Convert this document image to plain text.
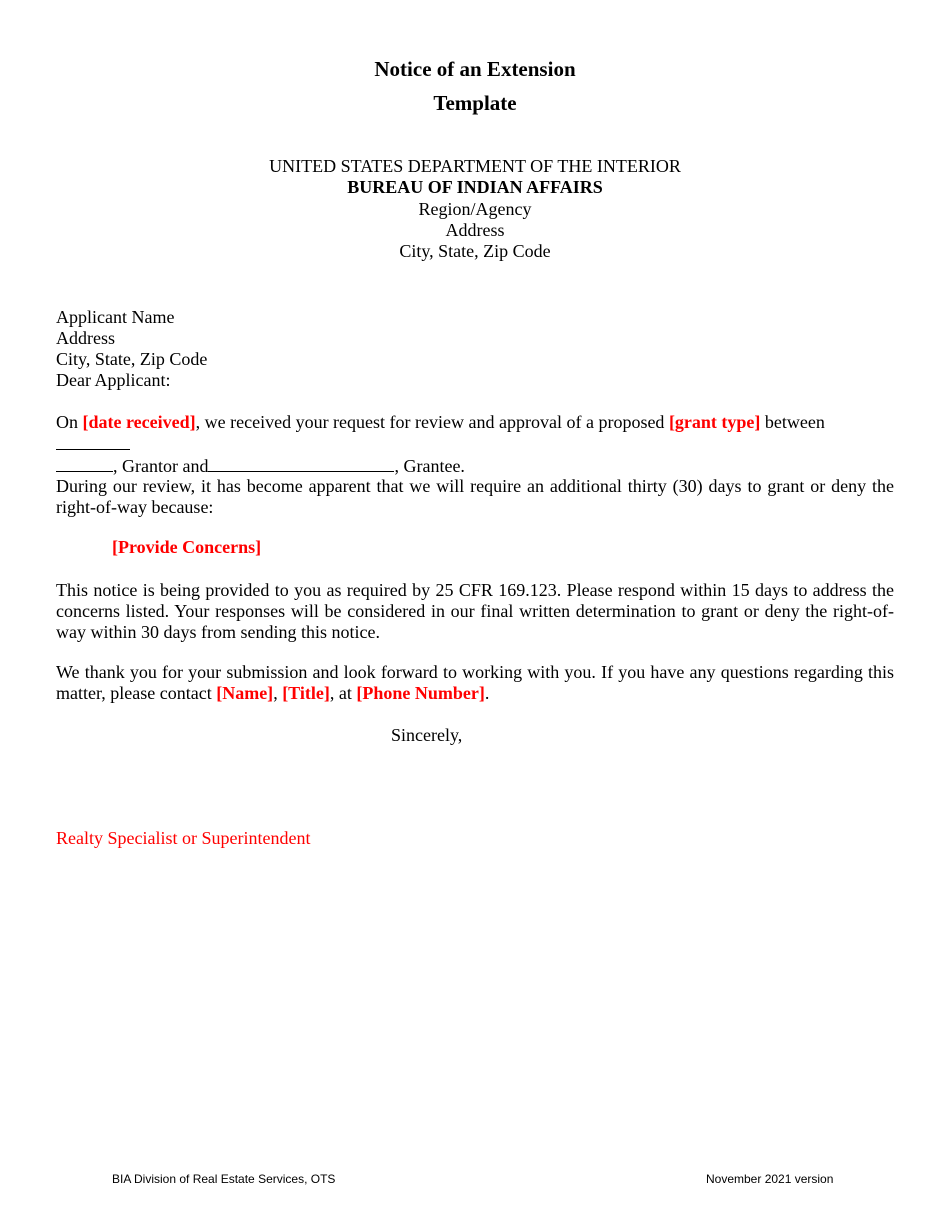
Notice of an Extension
Template
UNITED STATES DEPARTMENT OF THE INTERIOR
BUREAU OF INDIAN AFFAIRS
Region/Agency
Address
City, State, Zip Code
Applicant Name
Address
City, State, Zip Code
Dear Applicant:
On [date received], we received your request for review and approval of a proposed [grant type] between
, Grantor and	, Grantee.
During our review, it has become apparent that we will require an additional thirty (30) days to grant or deny the right-of-way because:
[Provide Concerns]
This notice is being provided to you as required by 25 CFR 169.123. Please respond within 15 days to address the concerns listed. Your responses will be considered in our final written determination to grant or deny the right-of-way within 30 days from sending this notice.
We thank you for your submission and look forward to working with you. If you have any questions regarding this matter, please contact [Name], [Title], at [Phone Number].
Sincerely,
Realty Specialist or Superintendent
BIA Division of Real Estate Services, OTS	November 2021 version
